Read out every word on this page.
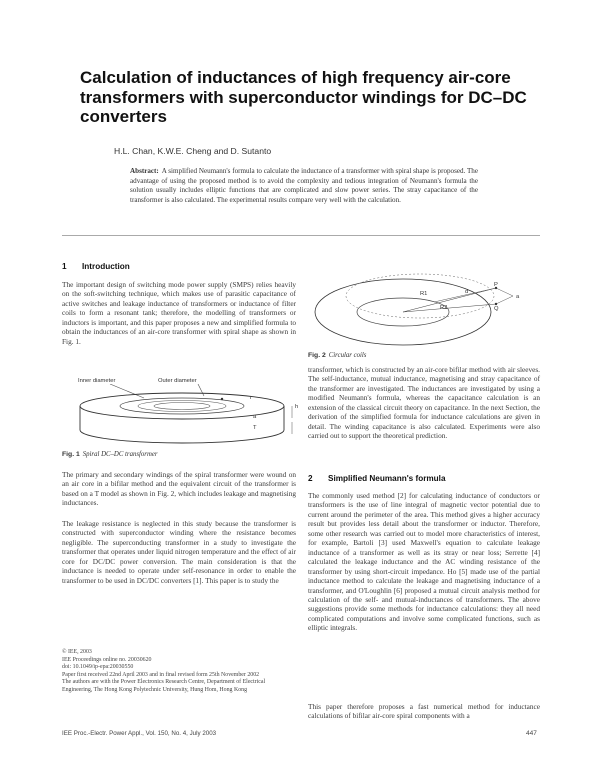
Calculation of inductances of high frequency air-core transformers with superconductor windings for DC–DC converters
H.L. Chan, K.W.E. Cheng and D. Sutanto

Abstract: A simplified Neumann's formula to calculate the inductance of a transformer with spiral shape is proposed. The advantage of using the proposed method is to avoid the complexity and tedious integration of Neumann's formula the solution usually includes elliptic functions that are complicated and slow power series. The stray capacitance of the transformer is also calculated. The experimental results compare very well with the calculation.

1 Introduction

The important design of switching mode power supply (SMPS) relies heavily on the soft-switching technique, which makes use of parasitic capacitance of active switches and leakage inductance of transformers or inductance of filter coils to form a resonant tank; therefore, the modelling of transformers or inductors is important, and this paper proposes a new and simplified formula to obtain the inductances of an air-core transformer with spiral shape as shown in Fig. 1.

Inner diameter	Outer diameter
h
a
r
T

Fig. 1 Spiral DC–DC transformer

The primary and secondary windings of the spiral transformer were wound on an air core in a bifilar method and the equivalent circuit of the transformer is based on a T model as shown in Fig. 2, which includes leakage and magnetising inductances.

The leakage resistance is neglected in this study because the transformer is constructed with superconductor winding where the resistance becomes negligible. The superconducting transformer in a study to investigate the transformer that operates under liquid nitrogen temperature and the effect of air core for DC/DC power conversion. The main consideration is that the inductance is needed to operate under self-resonance in order to enable the transformer to be used in DC/DC converters [1]. This paper is to study the

© IEE, 2003
IEE Proceedings online no. 20030620
doi: 10.1049/ip-epa:20030550
Paper first received 22nd April 2003 and in final revised form 25th November 2002
The authors are with the Power Electronics Research Centre, Department of Electrical Engineering, The Hong Kong Polytechnic University, Hung Hom, Hong Kong
IEE Proc.-Electr. Power Appl., Vol. 150, No. 4, July 2003
R1
R2
d
P
Q
a

Fig. 2 Circular coils

transformer, which is constructed by an air-core bifilar method with air sleeves. The self-inductance, mutual inductance, magnetising and stray capacitance of the transformer are investigated. The inductances are investigated by using a modified Neumann's formula, whereas the capacitance calculation is an extension of the classical circuit theory on capacitance. In the next Section, the derivation of the simplified formula for inductance calculations are given in detail. The winding capacitance is also calculated. Experiments were also carried out to support the theoretical prediction.

2 Simplified Neumann's formula

The commonly used method [2] for calculating inductance of conductors or transformers is the use of line integral of magnetic vector potential due to current around the perimeter of the area. This method gives a higher accuracy result but provides less detail about the transformer or inductor. Therefore, some other research was carried out to model more characteristics of interest, for example, Bartoli [3] used Maxwell's equation to calculate leakage inductance of a transformer as well as its stray or near loss; Serrette [4] calculated the leakage inductance and the AC winding resistance of the transformer by using short-circuit impedance. Ho [5] made use of the partial inductance method to calculate the leakage and magnetising inductance of a transformer, and O'Loughlin [6] proposed a mutual circuit analysis method for calculation of the self- and mutual-inductances of transformers. The above suggestions provide some methods for inductance calculations: they all need complicated computations and involve some complicated functions, such as elliptic integrals.

This paper therefore proposes a fast numerical method for inductance calculations of bifilar air-core spiral components with a

447
